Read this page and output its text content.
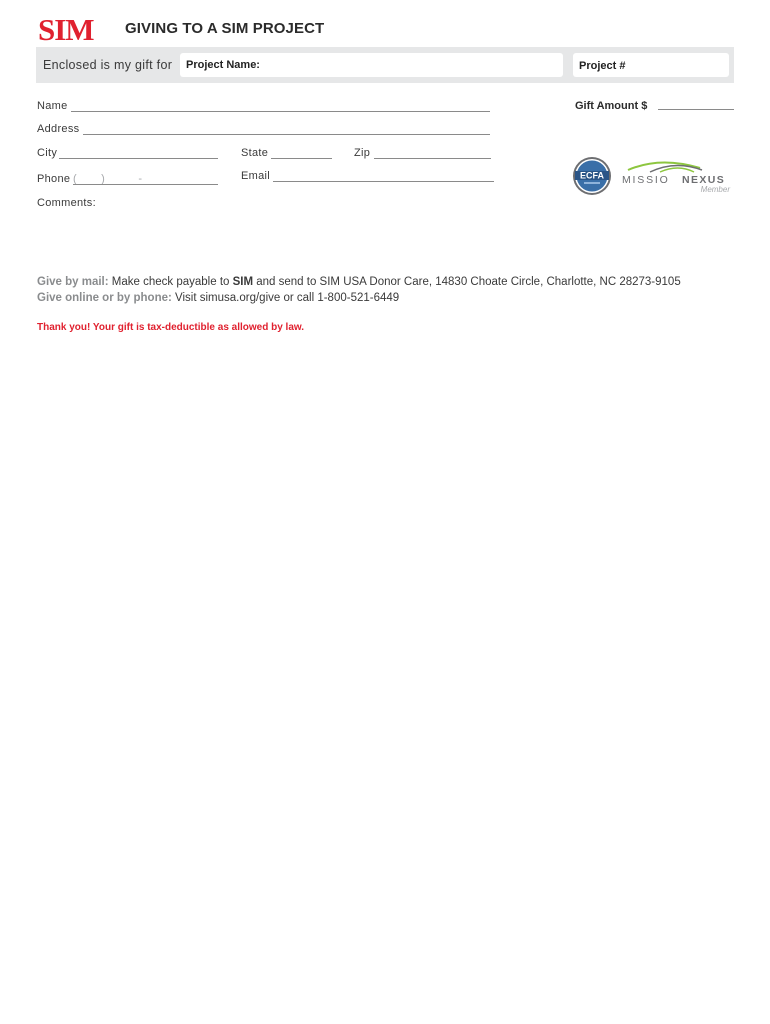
SIM GIVING TO A SIM PROJECT
Enclosed is my gift for Project Name:	Project #
Name
Address
City	State	Zip
Phone (        )           -	Email
Comments:
Gift Amount $
ECFA MISSIO NEXUS
Member
Give by mail: Make check payable to SIM and send to SIM USA Donor Care, 14830 Choate Circle, Charlotte, NC 28273-9105
Give online or by phone: Visit simusa.org/give or call 1-800-521-6449
Thank you! Your gift is tax-deductible as allowed by law.
